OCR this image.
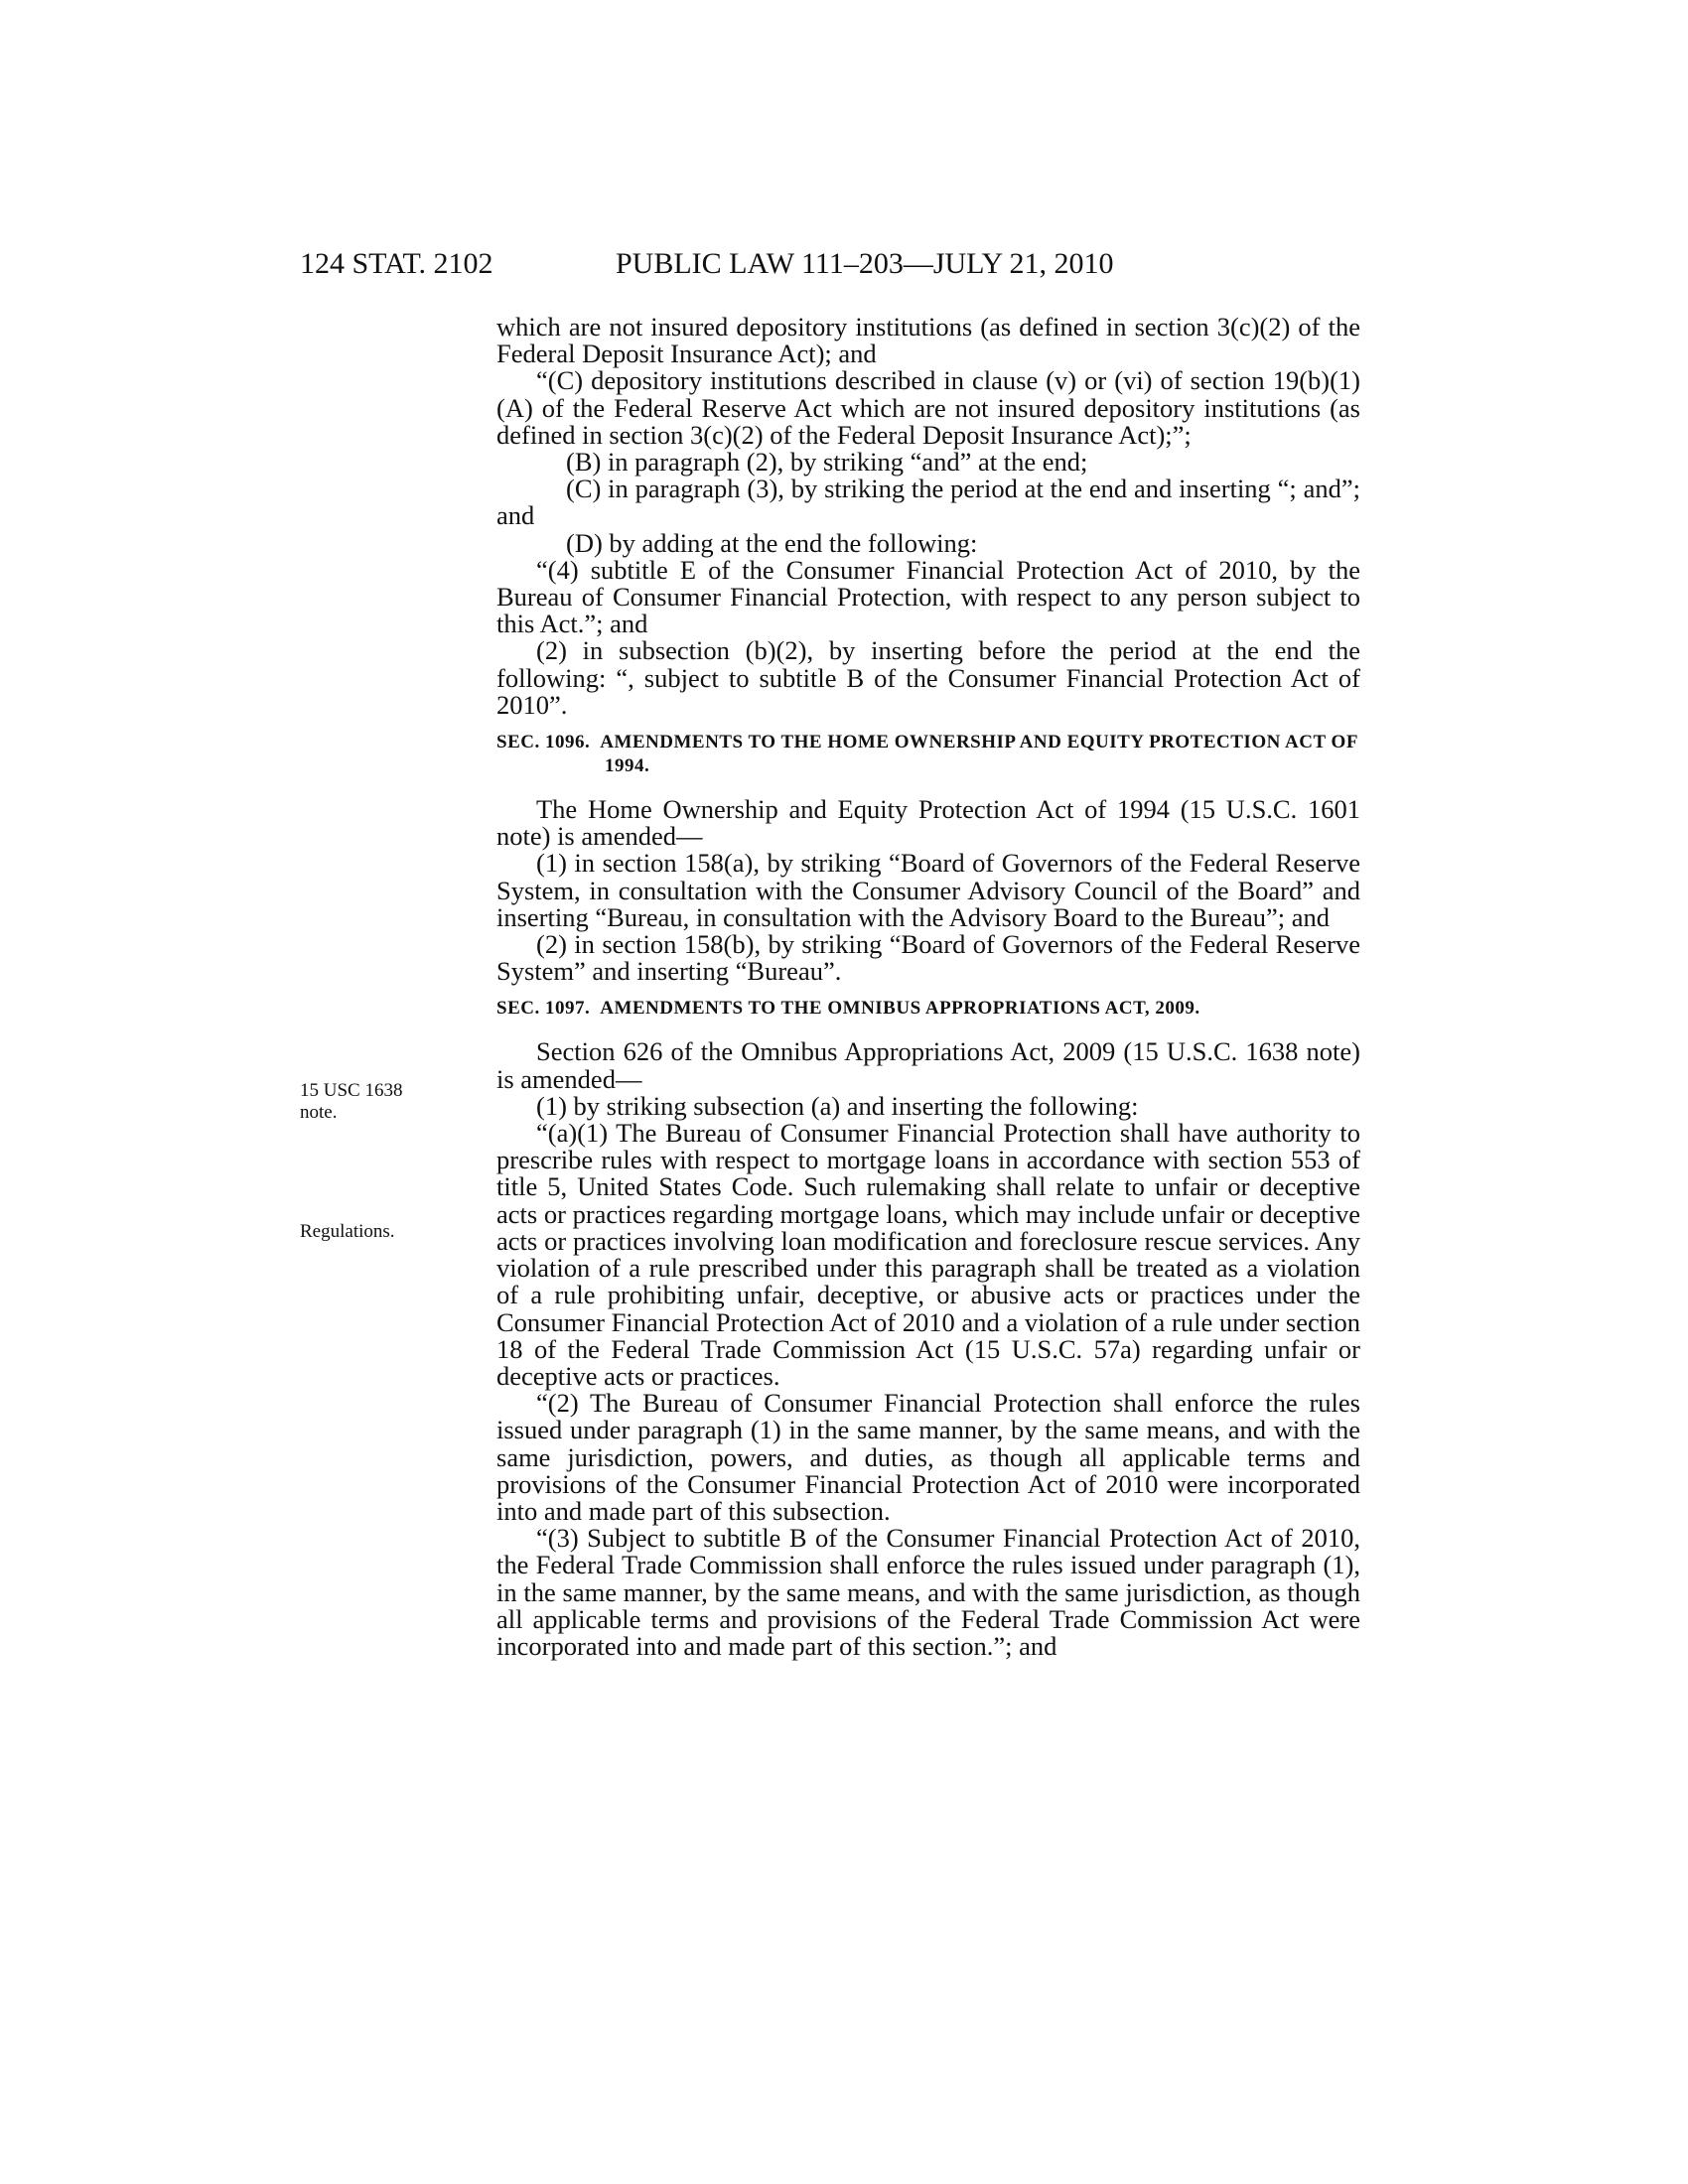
124 STAT. 2102	PUBLIC LAW 111–203—JULY 21, 2010
15 USC 1638
note.
Regulations.

which are not insured depository institutions (as defined in section 3(c)(2) of the Federal Deposit Insurance Act); and

“(C) depository institutions described in clause (v) or (vi) of section 19(b)(1)(A) of the Federal Reserve Act which are not insured depository institutions (as defined in section 3(c)(2) of the Federal Deposit Insurance Act);”;

(B) in paragraph (2), by striking “and” at the end;

(C) in paragraph (3), by striking the period at the end and inserting “; and”; and

(D) by adding at the end the following:

“(4) subtitle E of the Consumer Financial Protection Act of 2010, by the Bureau of Consumer Financial Protection, with respect to any person subject to this Act.”; and

(2) in subsection (b)(2), by inserting before the period at the end the following: “, subject to subtitle B of the Consumer Financial Protection Act of 2010”.

SEC. 1096. AMENDMENTS TO THE HOME OWNERSHIP AND EQUITY PROTECTION ACT OF 1994.

The Home Ownership and Equity Protection Act of 1994 (15 U.S.C. 1601 note) is amended—

(1) in section 158(a), by striking “Board of Governors of the Federal Reserve System, in consultation with the Consumer Advisory Council of the Board” and inserting “Bureau, in consultation with the Advisory Board to the Bureau”; and

(2) in section 158(b), by striking “Board of Governors of the Federal Reserve System” and inserting “Bureau”.

SEC. 1097. AMENDMENTS TO THE OMNIBUS APPROPRIATIONS ACT, 2009.

Section 626 of the Omnibus Appropriations Act, 2009 (15 U.S.C. 1638 note) is amended—

(1) by striking subsection (a) and inserting the following:

“(a)(1) The Bureau of Consumer Financial Protection shall have authority to prescribe rules with respect to mortgage loans in accordance with section 553 of title 5, United States Code. Such rulemaking shall relate to unfair or deceptive acts or practices regarding mortgage loans, which may include unfair or deceptive acts or practices involving loan modification and foreclosure rescue services. Any violation of a rule prescribed under this paragraph shall be treated as a violation of a rule prohibiting unfair, deceptive, or abusive acts or practices under the Consumer Financial Protection Act of 2010 and a violation of a rule under section 18 of the Federal Trade Commission Act (15 U.S.C. 57a) regarding unfair or deceptive acts or practices.

“(2) The Bureau of Consumer Financial Protection shall enforce the rules issued under paragraph (1) in the same manner, by the same means, and with the same jurisdiction, powers, and duties, as though all applicable terms and provisions of the Consumer Financial Protection Act of 2010 were incorporated into and made part of this subsection.

“(3) Subject to subtitle B of the Consumer Financial Protection Act of 2010, the Federal Trade Commission shall enforce the rules issued under paragraph (1), in the same manner, by the same means, and with the same jurisdiction, as though all applicable terms and provisions of the Federal Trade Commission Act were incorporated into and made part of this section.”; and
